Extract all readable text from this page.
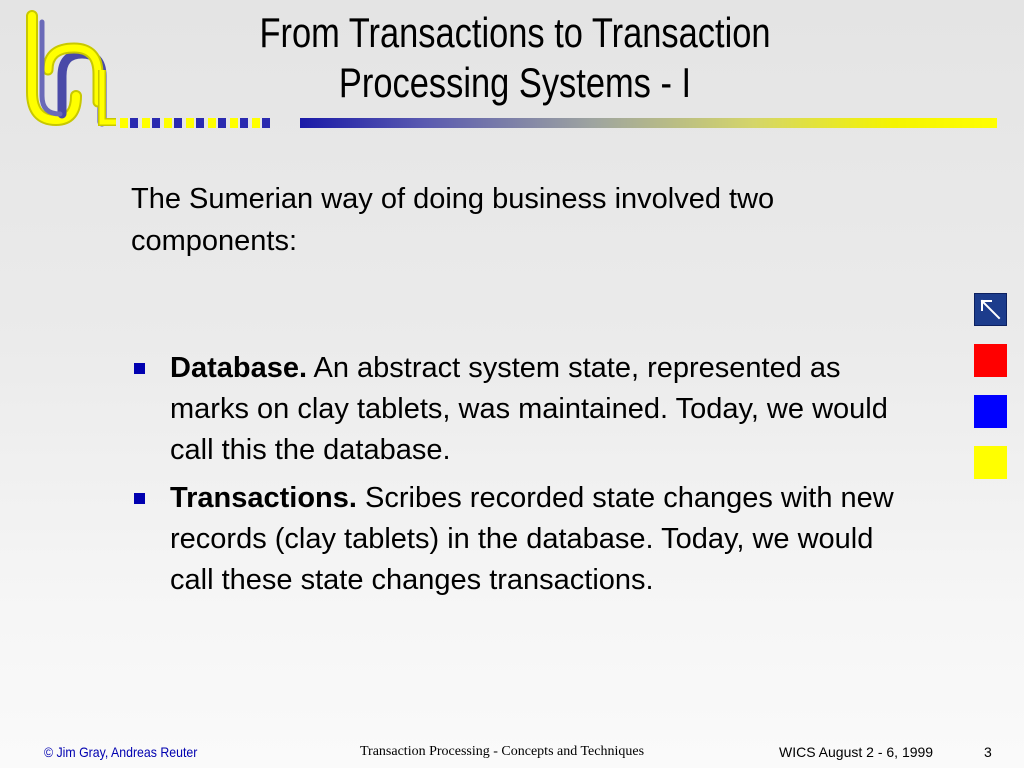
From Transactions to Transaction
Processing Systems - I

The Sumerian way of doing business involved two components:

Database. An abstract system state, represented as marks on clay tablets, was maintained. Today, we would call this the database.
Transactions. Scribes recorded state changes with new records (clay tablets) in the database. Today, we would call these state changes transactions.
© Jim Gray, Andreas Reuter	Transaction Processing - Concepts and Techniques	WICS August 2 - 6, 1999	3
